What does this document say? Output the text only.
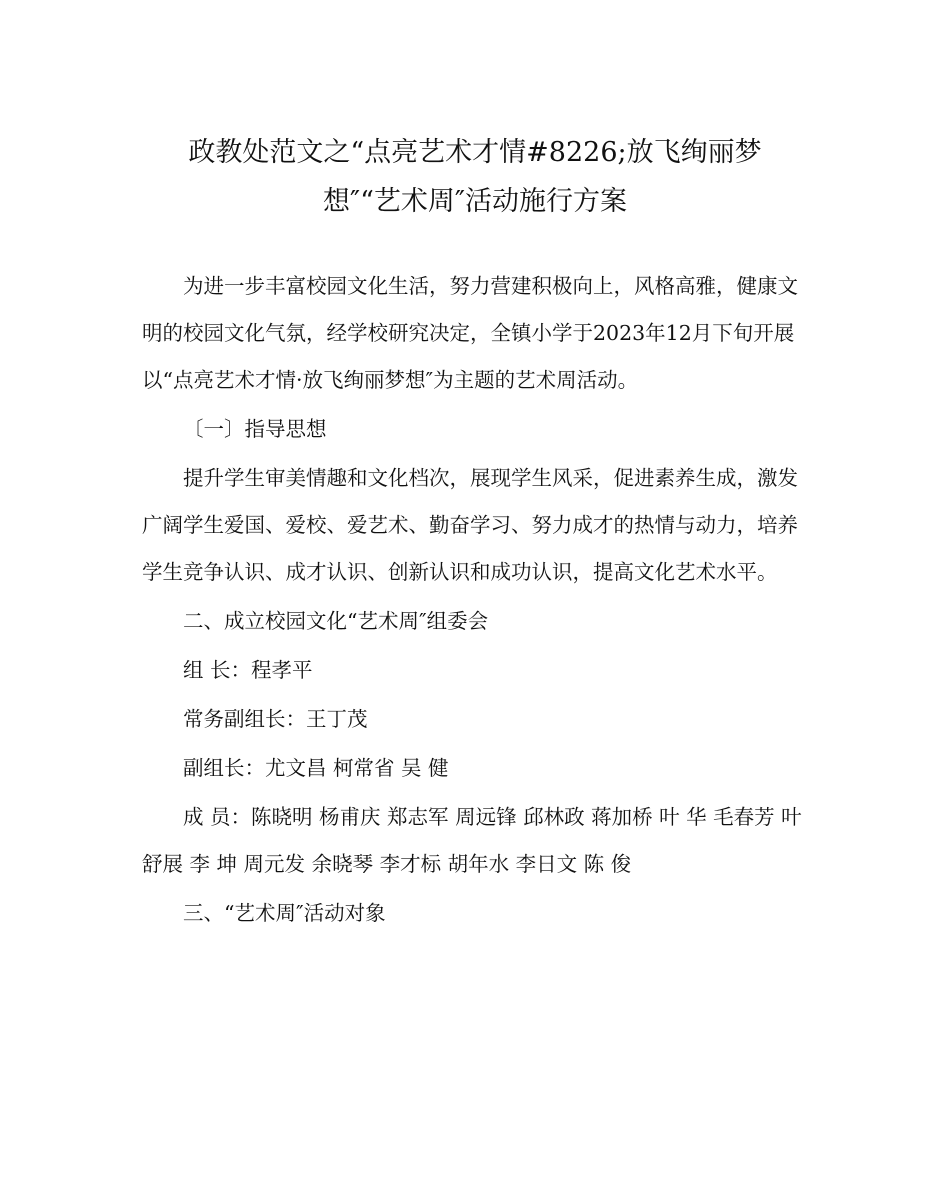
政教处范文之“点亮艺术才情#8226;放飞绚丽梦
想″“艺术周″活动施行方案

为进一步丰富校园文化生活，努力营建积极向上，风格高雅，健康文明的校园文化气氛，经学校研究决定，全镇小学于2023年12月下旬开展以“点亮艺术才情·放飞绚丽梦想″为主题的艺术周活动。

〔一〕指导思想

提升学生审美情趣和文化档次，展现学生风采，促进素养生成，激发广阔学生爱国、爱校、爱艺术、勤奋学习、努力成才的热情与动力，培养学生竞争认识、成才认识、创新认识和成功认识，提高文化艺术水平。

二、成立校园文化“艺术周″组委会

组 长：程孝平

常务副组长：王丁茂

副组长：尤文昌 柯常省 吴 健

成 员：陈晓明 杨甫庆 郑志军 周远锋 邱林政 蒋加桥 叶 华 毛春芳 叶舒展 李 坤 周元发 余晓琴 李才标 胡年水 李日文 陈 俊

三、“艺术周″活动对象
